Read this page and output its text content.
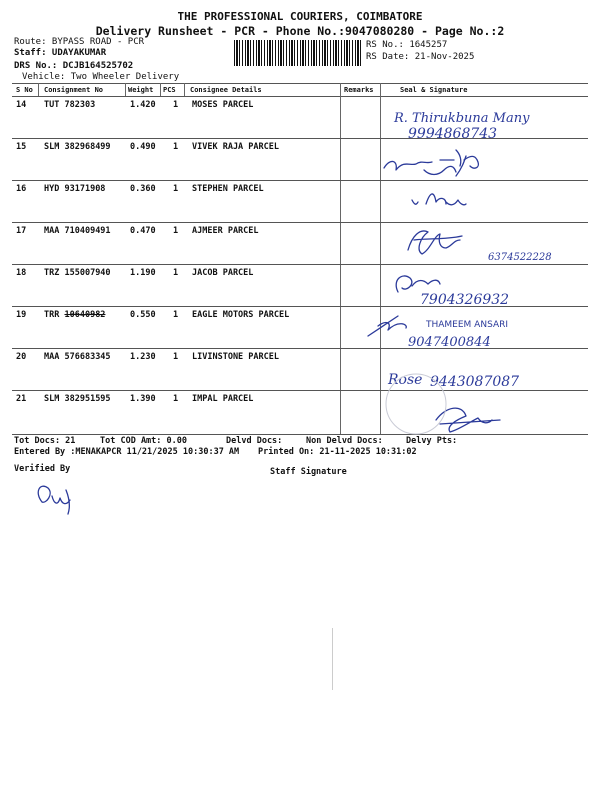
THE PROFESSIONAL COURIERS, COIMBATORE
Delivery Runsheet - PCR - Phone No.:9047080280 - Page No.:2
Route: BYPASS ROAD - PCR
Staff: UDAYAKUMAR
DRS No.: DCJB164525702
Vehicle: Two Wheeler Delivery
RS No.: 1645257
RS Date: 21-Nov-2025
S No Consignment No	Weight PCS Consignee Details	Remarks	Seal & Signature
14 TUT 782303	1.420 1 MOSES PARCEL
15 SLM 382968499 0.490 1 VIVEK RAJA PARCEL
16 HYD 93171908	0.360 1 STEPHEN PARCEL
17 MAA 710409491 0.470 1 AJMEER PARCEL
18 TRZ 155007940 1.190 1 JACOB PARCEL
19 TRR 10640982	0.550 1 EAGLE MOTORS PARCEL
20 MAA 576683345 1.230 1 LIVINSTONE PARCEL
21 SLM 382951595 1.390 1 IMPAL PARCEL
R. Thirukbuna Many
9994868743
6374522228
7904326932
THAMEEM ANSARI
9047400844
Rose 9443087087
Tot Docs: 21	Tot COD Amt: 0.00	Delvd Docs:	Non Delvd Docs:	Delvy Pts:
Entered By :MENAKAPCR 11/21/2025 10:30:37 AM Printed On: 21-11-2025 10:31:02
Verified By	Staff Signature
